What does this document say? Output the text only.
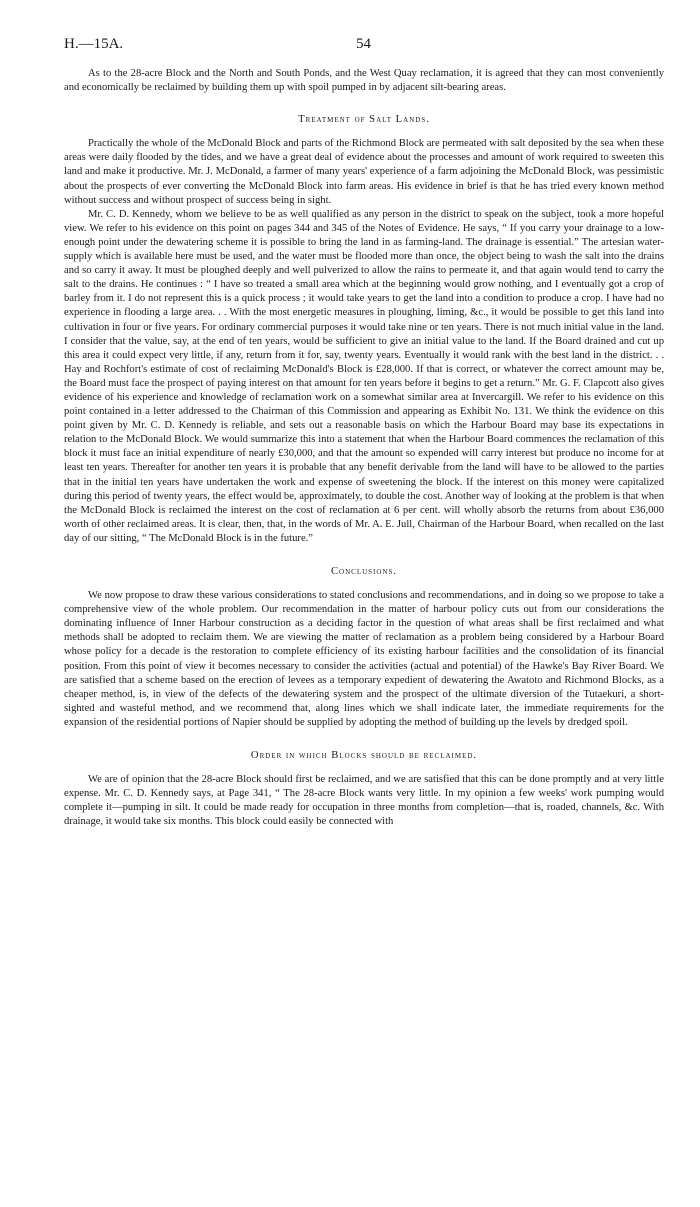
H.—15A.	54

As to the 28-acre Block and the North and South Ponds, and the West Quay reclamation, it is agreed that they can most conveniently and economically be reclaimed by building them up with spoil pumped in by adjacent silt-bearing areas.

Treatment of Salt Lands.

Practically the whole of the McDonald Block and parts of the Richmond Block are permeated with salt deposited by the sea when these areas were daily flooded by the tides, and we have a great deal of evidence about the processes and amount of work required to sweeten this land and make it productive. Mr. J. McDonald, a farmer of many years' experience of a farm adjoining the McDonald Block, was pessimistic about the prospects of ever converting the McDonald Block into farm areas. His evidence in brief is that he has tried every known method without success and without prospect of success being in sight.

Mr. C. D. Kennedy, whom we believe to be as well qualified as any person in the district to speak on the subject, took a more hopeful view. We refer to his evidence on this point on pages 344 and 345 of the Notes of Evidence. He says, “ If you carry your drainage to a low-enough point under the dewatering scheme it is possible to bring the land in as farming-land. The drainage is essential.” The artesian water-supply which is available here must be used, and the water must be flooded more than once, the object being to wash the salt into the drains and so carry it away. It must be ploughed deeply and well pulverized to allow the rains to permeate it, and that again would tend to carry the salt to the drains. He continues : “ I have so treated a small area which at the beginning would grow nothing, and I eventually got a crop of barley from it. I do not represent this is a quick process ; it would take years to get the land into a condition to produce a crop. I have had no experience in flooding a large area. . . With the most energetic measures in ploughing, liming, &c., it would be possible to get this land into cultivation in four or five years. For ordinary commercial purposes it would take nine or ten years. There is not much initial value in the land. I consider that the value, say, at the end of ten years, would be sufficient to give an initial value to the land. If the Board drained and cut up this area it could expect very little, if any, return from it for, say, twenty years. Eventually it would rank with the best land in the district. . . Hay and Rochfort's estimate of cost of reclaiming McDonald's Block is £28,000. If that is correct, or whatever the correct amount may be, the Board must face the prospect of paying interest on that amount for ten years before it begins to get a return.” Mr. G. F. Clapcott also gives evidence of his experience and knowledge of reclamation work on a somewhat similar area at Invercargill. We refer to his evidence on this point contained in a letter addressed to the Chairman of this Commission and appearing as Exhibit No. 131. We think the evidence on this point given by Mr. C. D. Kennedy is reliable, and sets out a reasonable basis on which the Harbour Board may base its expectations in relation to the McDonald Block. We would summarize this into a statement that when the Harbour Board commences the reclamation of this block it must face an initial expenditure of nearly £30,000, and that the amount so expended will carry interest but produce no income for at least ten years. Thereafter for another ten years it is probable that any benefit derivable from the land will have to be allowed to the parties that in the initial ten years have undertaken the work and expense of sweetening the block. If the interest on this money were capitalized during this period of twenty years, the effect would be, approximately, to double the cost. Another way of looking at the problem is that when the McDonald Block is reclaimed the interest on the cost of reclamation at 6 per cent. will wholly absorb the returns from about £36,000 worth of other reclaimed areas. It is clear, then, that, in the words of Mr. A. E. Jull, Chairman of the Harbour Board, when recalled on the last day of our sitting, “ The McDonald Block is in the future.”

Conclusions.

We now propose to draw these various considerations to stated conclusions and recommendations, and in doing so we propose to take a comprehensive view of the whole problem. Our recommendation in the matter of harbour policy cuts out from our considerations the dominating influence of Inner Harbour construction as a deciding factor in the question of what areas shall be first reclaimed and what methods shall be adopted to reclaim them. We are viewing the matter of reclamation as a problem being considered by a Harbour Board whose policy for a decade is the restoration to complete efficiency of its existing harbour facilities and the consolidation of its financial position. From this point of view it becomes necessary to consider the activities (actual and potential) of the Hawke's Bay River Board. We are satisfied that a scheme based on the erection of levees as a temporary expedient of dewatering the Awatoto and Richmond Blocks, as a cheaper method, is, in view of the defects of the dewatering system and the prospect of the ultimate diversion of the Tutaekuri, a short-sighted and wasteful method, and we recommend that, along lines which we shall indicate later, the immediate requirements for the expansion of the residential portions of Napier should be supplied by adopting the method of building up the levels by dredged spoil.

Order in which Blocks should be reclaimed.

We are of opinion that the 28-acre Block should first be reclaimed, and we are satisfied that this can be done promptly and at very little expense. Mr. C. D. Kennedy says, at Page 341, “ The 28-acre Block wants very little. In my opinion a few weeks' work pumping would complete it—pumping in silt. It could be made ready for occupation in three months from completion—that is, roaded, channels, &c. With drainage, it would take six months. This block could easily be connected with
